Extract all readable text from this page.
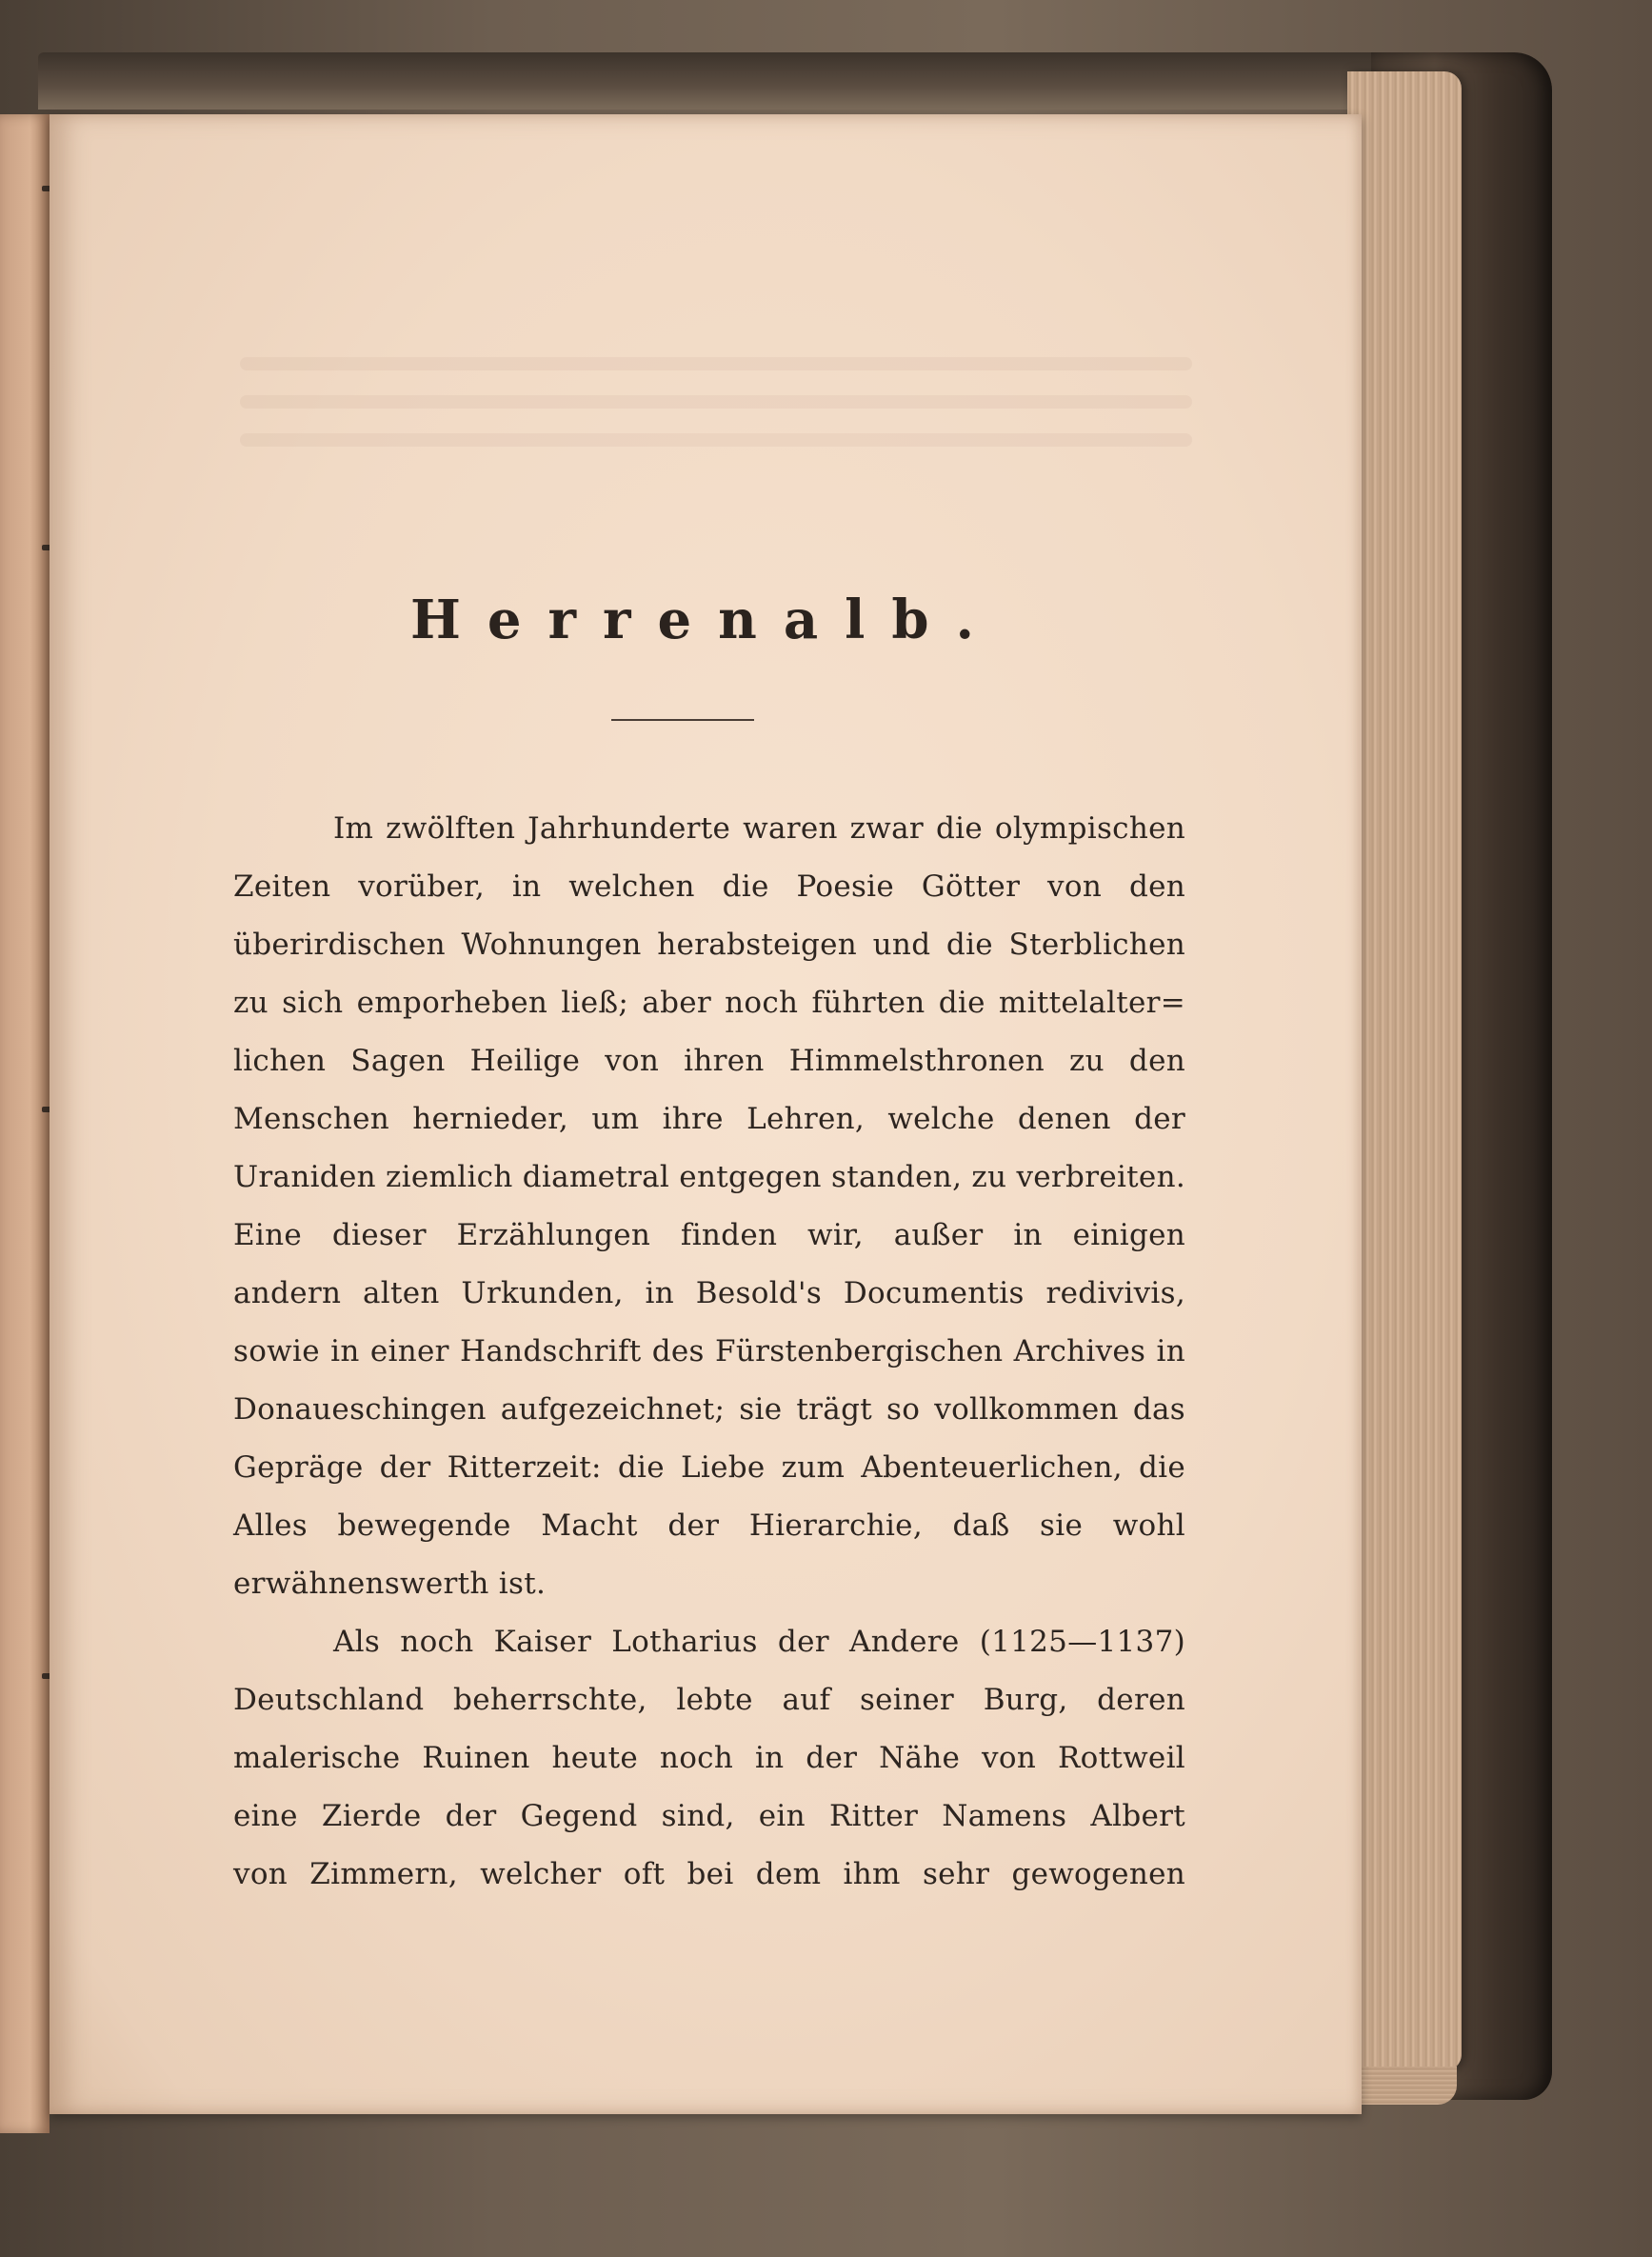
Herrenalb.

Im zwölften Jahrhunderte waren zwar die olympischen
Zeiten vorüber, in welchen die Poesie Götter von den
überirdischen Wohnungen herabsteigen und die Sterblichen
zu sich emporheben ließ; aber noch führten die mittelalter=
lichen Sagen Heilige von ihren Himmelsthronen zu den
Menschen hernieder, um ihre Lehren, welche denen der
Uraniden ziemlich diametral entgegen standen, zu verbreiten.
Eine dieser Erzählungen finden wir, außer in einigen
andern alten Urkunden, in Besold's Documentis redivivis,
sowie in einer Handschrift des Fürstenbergischen Archives in
Donaueschingen aufgezeichnet; sie trägt so vollkommen das
Gepräge der Ritterzeit: die Liebe zum Abenteuerlichen, die
Alles bewegende Macht der Hierarchie, daß sie wohl
erwähnenswerth ist.

Als noch Kaiser Lotharius der Andere (1125—1137)
Deutschland beherrschte, lebte auf seiner Burg, deren
malerische Ruinen heute noch in der Nähe von Rottweil
eine Zierde der Gegend sind, ein Ritter Namens Albert
von Zimmern, welcher oft bei dem ihm sehr gewogenen
